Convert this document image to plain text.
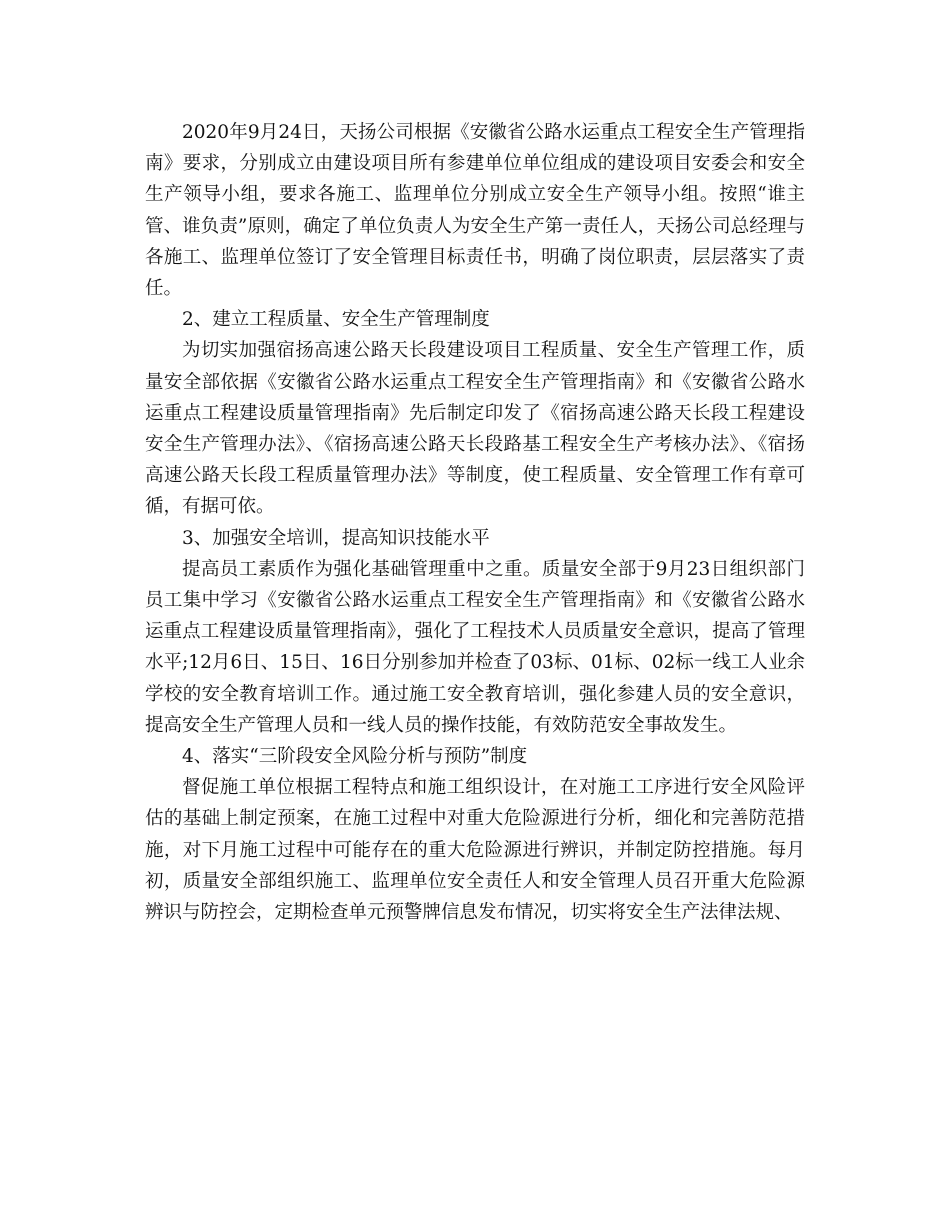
2020年9月24日，天扬公司根据《安徽省公路水运重点工程安全生产管理指南》要求，分别成立由建设项目所有参建单位单位组成的建设项目安委会和安全生产领导小组，要求各施工、监理单位分别成立安全生产领导小组。按照“谁主管、谁负责”原则，确定了单位负责人为安全生产第一责任人，天扬公司总经理与各施工、监理单位签订了安全管理目标责任书，明确了岗位职责，层层落实了责任。

2、建立工程质量、安全生产管理制度

为切实加强宿扬高速公路天长段建设项目工程质量、安全生产管理工作，质量安全部依据《安徽省公路水运重点工程安全生产管理指南》和《安徽省公路水运重点工程建设质量管理指南》先后制定印发了《宿扬高速公路天长段工程建设安全生产管理办法》、《宿扬高速公路天长段路基工程安全生产考核办法》、《宿扬高速公路天长段工程质量管理办法》等制度，使工程质量、安全管理工作有章可循，有据可依。

3、加强安全培训，提高知识技能水平

提高员工素质作为强化基础管理重中之重。质量安全部于9月23日组织部门员工集中学习《安徽省公路水运重点工程安全生产管理指南》和《安徽省公路水运重点工程建设质量管理指南》，强化了工程技术人员质量安全意识，提高了管理水平;12月6日、15日、16日分别参加并检查了03标、01标、02标一线工人业余学校的安全教育培训工作。通过施工安全教育培训，强化参建人员的安全意识，提高安全生产管理人员和一线人员的操作技能，有效防范安全事故发生。

4、落实“三阶段安全风险分析与预防”制度

督促施工单位根据工程特点和施工组织设计，在对施工工序进行安全风险评估的基础上制定预案，在施工过程中对重大危险源进行分析，细化和完善防范措施，对下月施工过程中可能存在的重大危险源进行辨识，并制定防控措施。每月初，质量安全部组织施工、监理单位安全责任人和安全管理人员召开重大危险源辨识与防控会，定期检查单元预警牌信息发布情况，切实将安全生产法律法规、
